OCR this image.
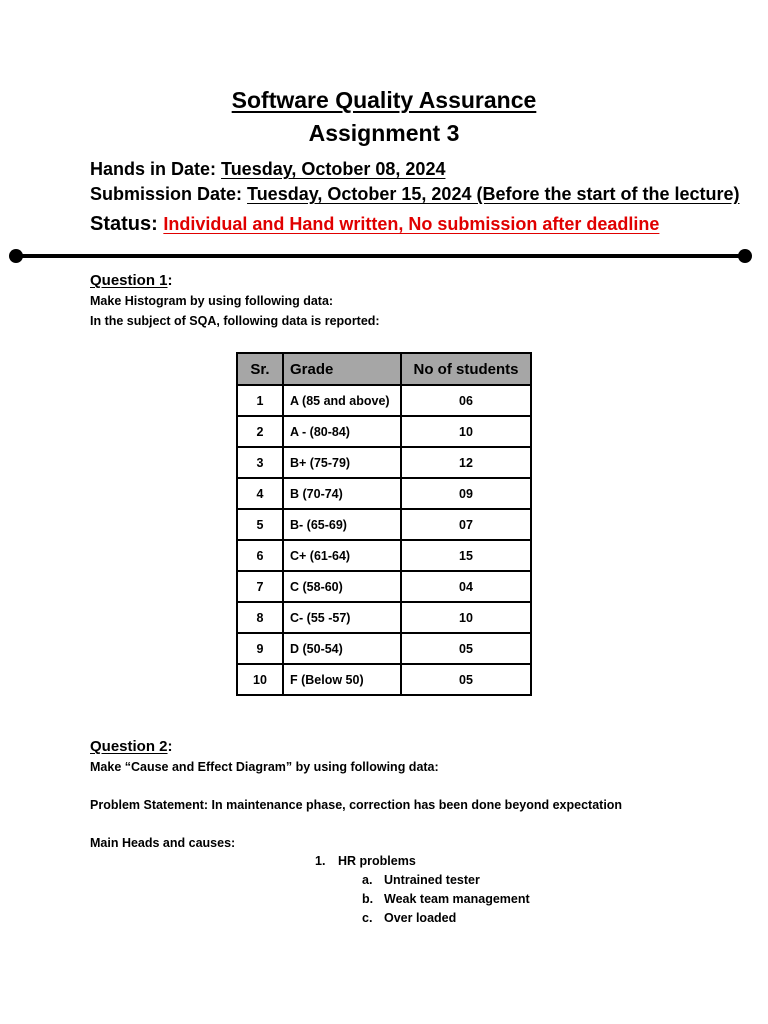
Software Quality Assurance
Assignment 3
Hands in Date: Tuesday, October 08, 2024
Submission Date: Tuesday, October 15, 2024 (Before the start of the lecture)
Status: Individual and Hand written, No submission after deadline
Question 1:
Make Histogram by using following data:
In the subject of SQA, following data is reported:
Sr.	Grade	No of students
1	A (85 and above)	06
2	A - (80-84)	10
3	B+ (75-79)	12
4	B (70-74)	09
5	B- (65-69)	07
6	C+ (61-64)	15
7	C (58-60)	04
8	C- (55 -57)	10
9	D (50-54)	05
10	F (Below 50)	05
Question 2:
Make “Cause and Effect Diagram” by using following data:
Problem Statement: In maintenance phase, correction has been done beyond expectation
Main Heads and causes:
1. HR problems
a. Untrained tester
b. Weak team management
c. Over loaded
